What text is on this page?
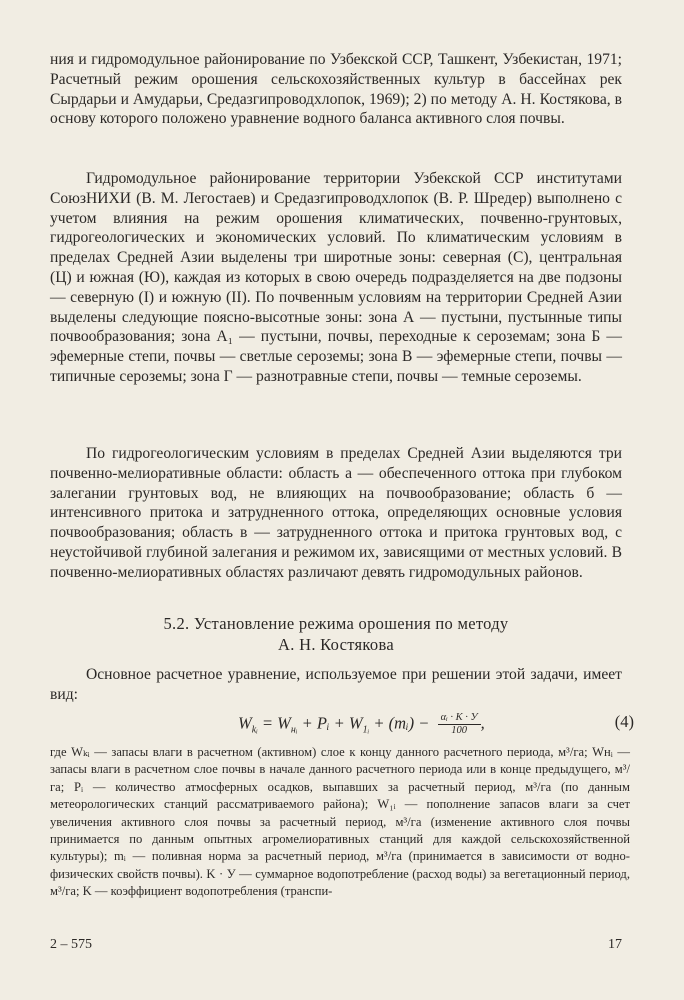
ния и гидромодульное районирование по Узбекской ССР, Ташкент, Узбекистан, 1971; Расчетный режим орошения сельскохозяйственных культур в бассейнах рек Сырдарьи и Амударьи, Средазгипроводхлопок, 1969); 2) по методу А. Н. Костякова, в основу которого положено уравнение водного баланса активного слоя почвы.

Гидромодульное районирование территории Узбекской ССР институтами СоюзНИХИ (В. М. Легостаев) и Средазгипроводхлопок (В. Р. Шредер) выполнено с учетом влияния на режим орошения климатических, почвенно-грунтовых, гидрогеологических и экономических условий. По климатическим условиям в пределах Средней Азии выделены три широтные зоны: северная (С), центральная (Ц) и южная (Ю), каждая из которых в свою очередь подразделяется на две подзоны — северную (I) и южную (II). По почвенным условиям на территории Средней Азии выделены следующие поясно-высотные зоны: зона А — пустыни, пустынные типы почвообразования; зона А₁ — пустыни, почвы, переходные к сероземам; зона Б — эфемерные степи, почвы — светлые сероземы; зона В — эфемерные степи, почвы — типичные сероземы; зона Г — разнотравные степи, почвы — темные сероземы.

По гидрогеологическим условиям в пределах Средней Азии выделяются три почвенно-мелиоративные области: область а — обеспеченного оттока при глубоком залегании грунтовых вод, не влияющих на почвообразование; область б — интенсивного притока и затрудненного оттока, определяющих основные условия почвообразования; область в — затрудненного оттока и притока грунтовых вод, с неустойчивой глубиной залегания и режимом их, зависящими от местных условий. В почвенно-мелиоративных областях различают девять гидромодульных районов.

5.2. Установление режима орошения по методу
А. Н. Костякова

Основное расчетное уравнение, используемое при решении этой задачи, имеет вид:

$W_{kᵢ} = W_{нᵢ}$ + Pᵢ + $W_{1ᵢ}$ + (mᵢ) − $\frac{\text{αᵢ · K · У}}{100}$ ,	(4)

где Wₖᵢ — запасы влаги в расчетном (активном) слое к концу данного расчетного периода, м³/га; Wнᵢ — запасы влаги в расчетном слое почвы в начале данного расчетного периода или в конце предыдущего, м³/га; Pᵢ — количество атмосферных осадков, выпавших за расчетный период, м³/га (по данным метеорологических станций рассматриваемого района); W₁ᵢ — пополнение запасов влаги за счет увеличения активного слоя почвы за расчетный период, м³/га (изменение активного слоя почвы принимается по данным опытных агромелиоративных станций для каждой сельскохозяйственной культуры); mᵢ — поливная норма за расчетный период, м³/га (принимается в зависимости от водно-физических свойств почвы). K · У — суммарное водопотребление (расход воды) за вегетационный период, м³/га; K — коэффициент водопотребления (транспи-

2 – 575	17
